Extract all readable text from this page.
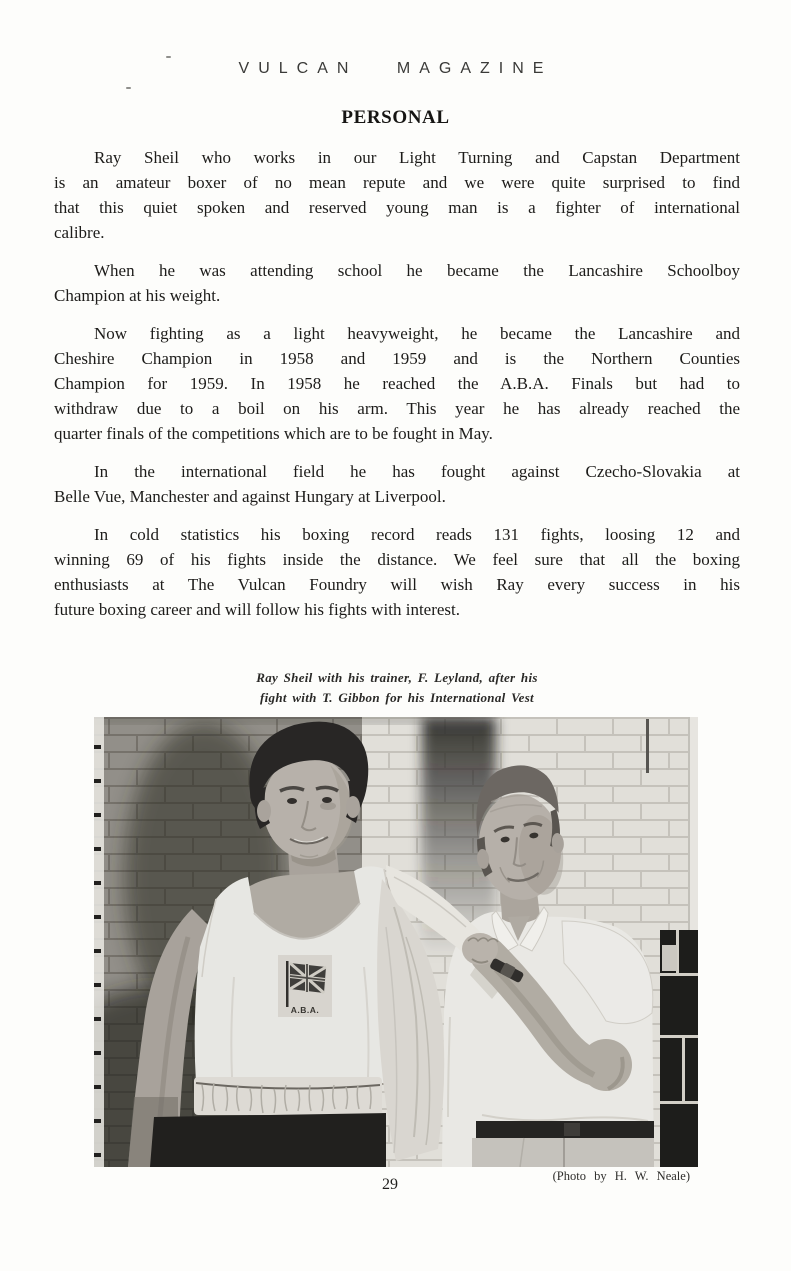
VULCAN MAGAZINE
PERSONAL
Ray Sheil who works in our Light Turning and Capstan Department
is an amateur boxer of no mean repute and we were quite surprised to find
that this quiet spoken and reserved young man is a fighter of international
calibre.
When he was attending school he became the Lancashire Schoolboy
Champion at his weight.
Now fighting as a light heavyweight, he became the Lancashire and
Cheshire Champion in 1958 and 1959 and is the Northern Counties
Champion for 1959. In 1958 he reached the A.B.A. Finals but had to
withdraw due to a boil on his arm. This year he has already reached the
quarter finals of the competitions which are to be fought in May.
In the international field he has fought against Czecho-Slovakia at
Belle Vue, Manchester and against Hungary at Liverpool.
In cold statistics his boxing record reads 131 fights, loosing 12 and
winning 69 of his fights inside the distance. We feel sure that all the boxing
enthusiasts at The Vulcan Foundry will wish Ray every success in his
future boxing career and will follow his fights with interest.
Ray Sheil with his trainer, F. Leyland, after his
fight with T. Gibbon for his International Vest
A.B.A.
(Photo by H. W. Neale)
29
